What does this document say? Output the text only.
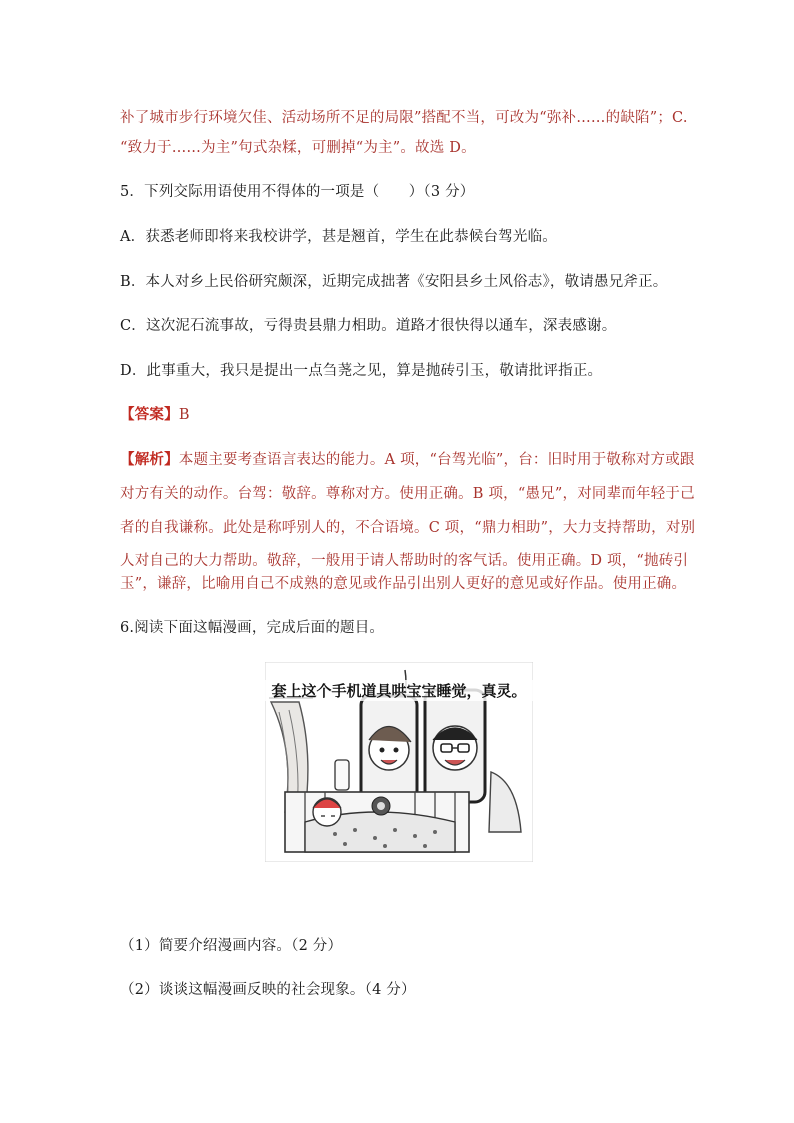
补了城市步行环境欠佳、活动场所不足的局限”搭配不当，可改为“弥补……的缺陷”；C.
“致力于……为主”句式杂糅，可删掉“为主”。故选 D。
5．下列交际用语使用不得体的一项是（　　）（3 分）
A．获悉老师即将来我校讲学，甚是翘首，学生在此恭候台驾光临。
B．本人对乡上民俗研究颇深，近期完成拙著《安阳县乡土风俗志》，敬请愚兄斧正。
C．这次泥石流事故，亏得贵县鼎力相助。道路才很快得以通车，深表感谢。
D．此事重大，我只是提出一点刍荛之见，算是抛砖引玉，敬请批评指正。
【答案】B
【解析】本题主要考查语言表达的能力。A 项，“台驾光临”，台：旧时用于敬称对方或跟
对方有关的动作。台驾：敬辞。尊称对方。使用正确。B 项，“愚兄”，对同辈而年轻于己
者的自我谦称。此处是称呼别人的，不合语境。C 项，“鼎力相助”，大力支持帮助，对别
人对自己的大力帮助。敬辞，一般用于请人帮助时的客气话。使用正确。D 项，“抛砖引
玉”，谦辞，比喻用自己不成熟的意见或作品引出别人更好的意见或好作品。使用正确。
6.阅读下面这幅漫画，完成后面的题目。
套上这个手机道具哄宝宝睡觉，真灵。
（1）简要介绍漫画内容。（2 分）
（2）谈谈这幅漫画反映的社会现象。（4 分）
